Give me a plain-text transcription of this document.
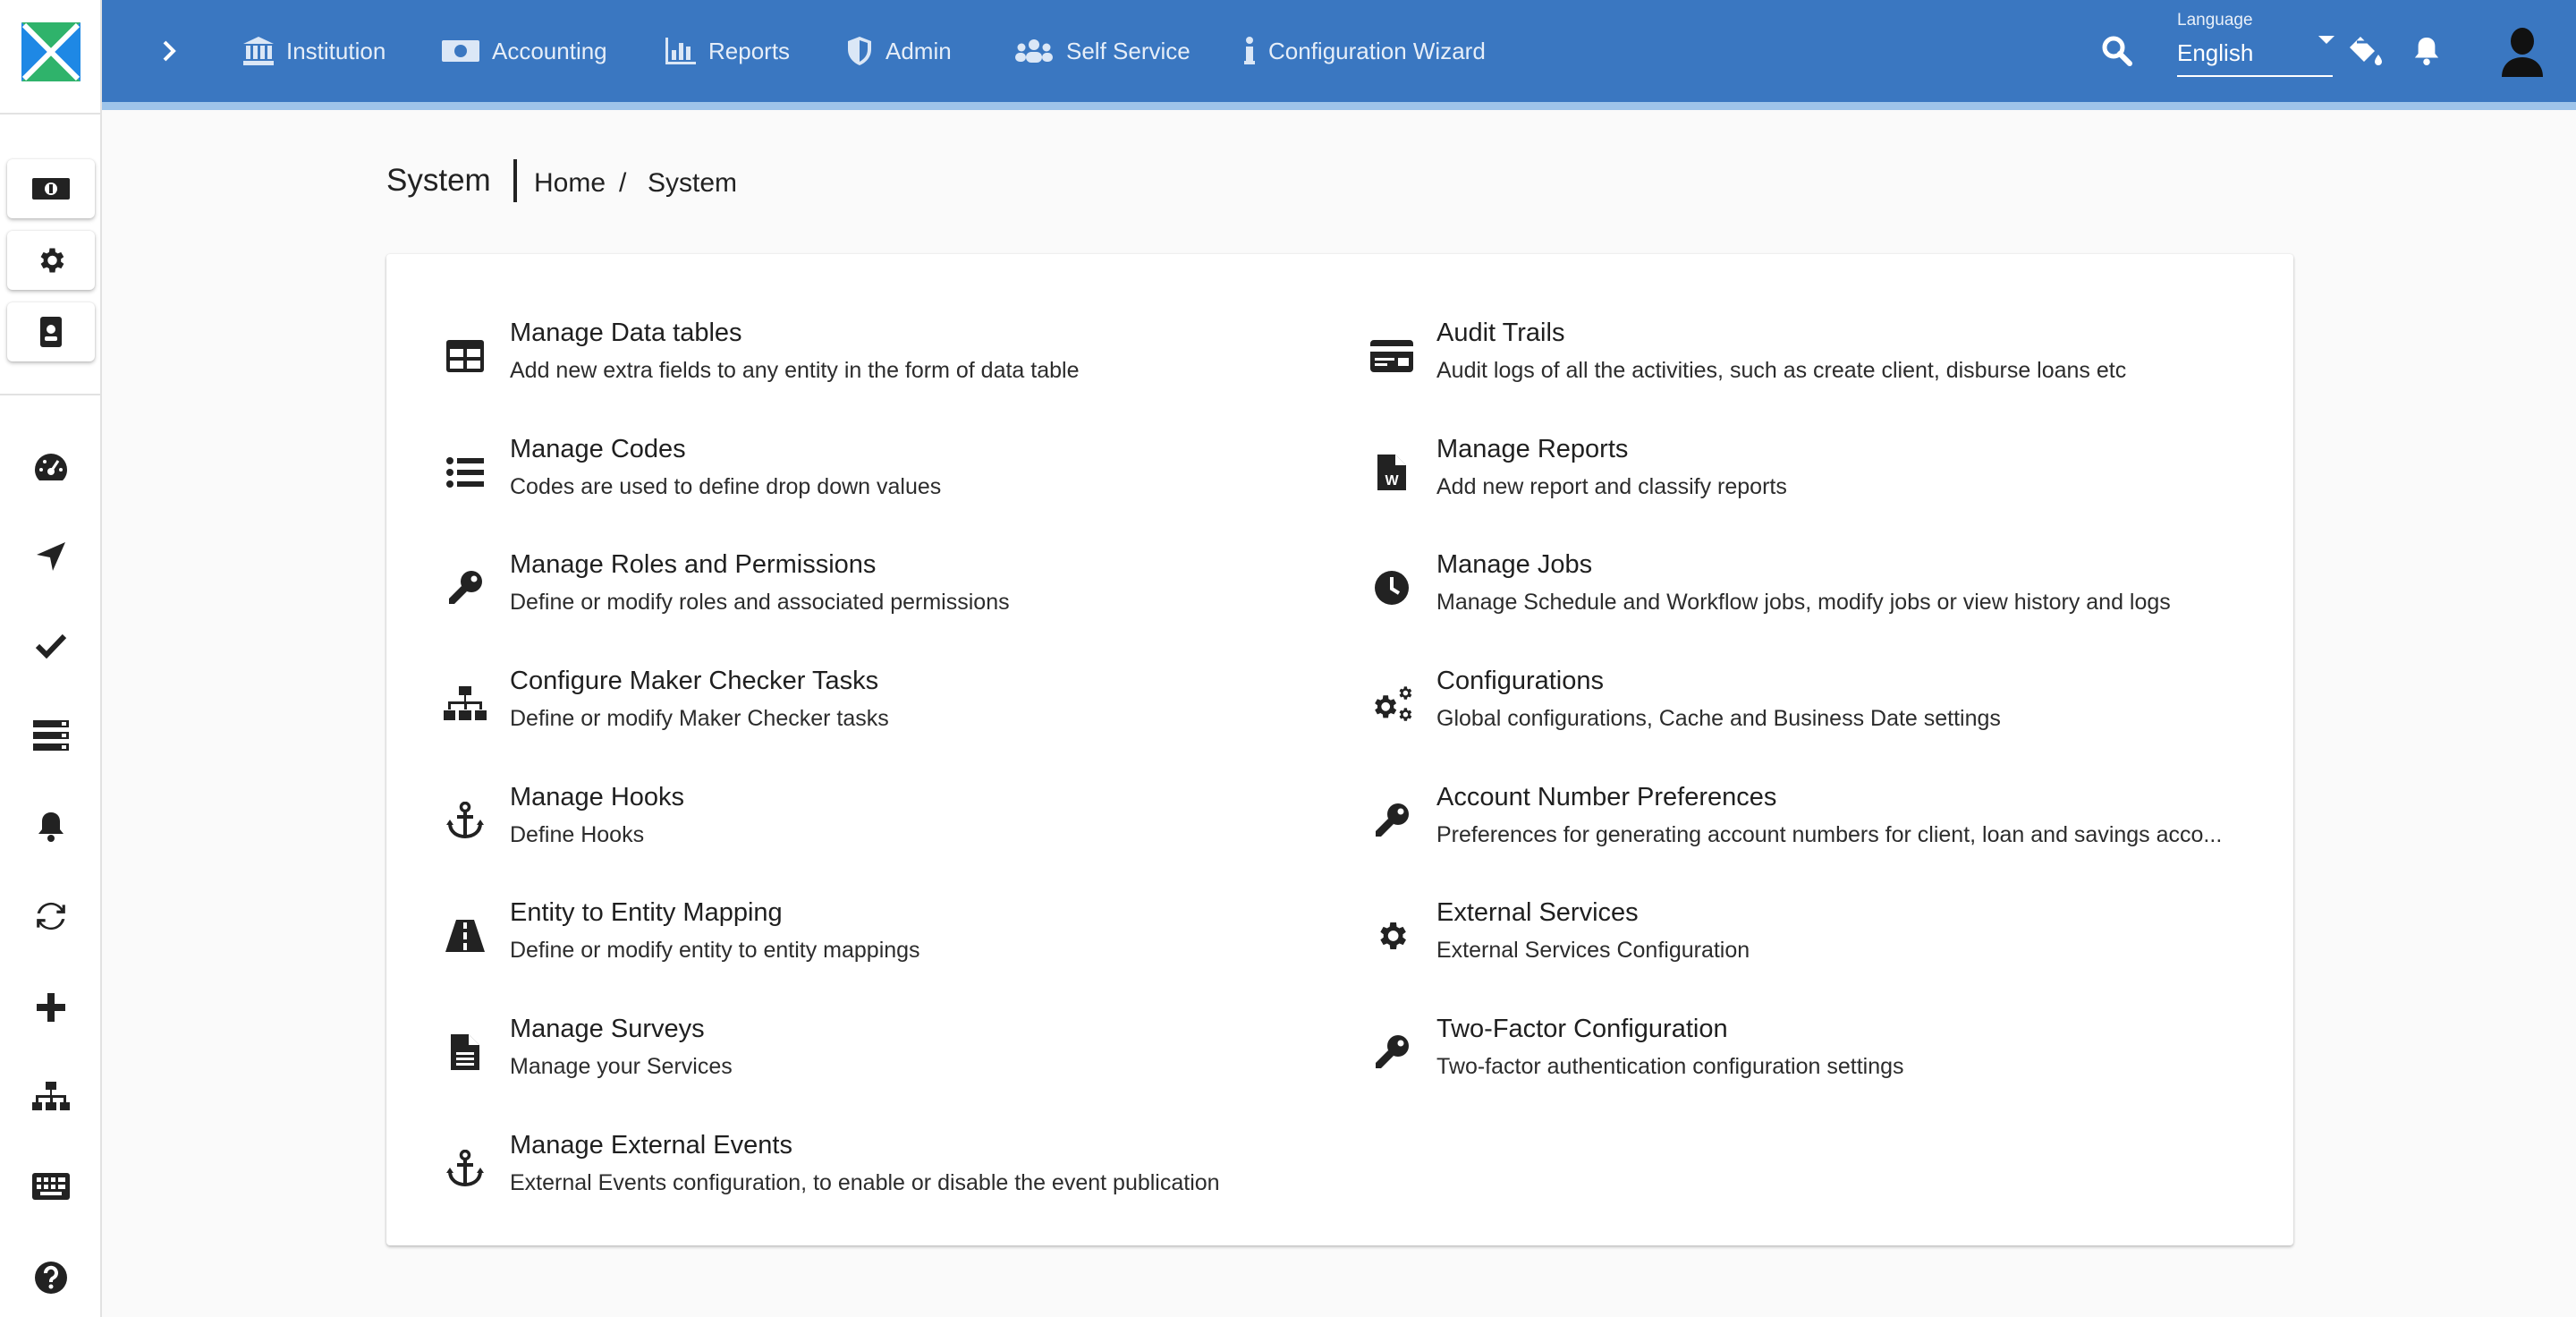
Institution	Accounting	Reports	Admin	Self Service	Configuration Wizard
Language
English
System Home / System
Manage Data tables
Add new extra fields to any entity in the form of data table
Manage Codes
Codes are used to define drop down values
Manage Roles and Permissions
Define or modify roles and associated permissions
Configure Maker Checker Tasks
Define or modify Maker Checker tasks
Manage Hooks
Define Hooks
Entity to Entity Mapping
Define or modify entity to entity mappings
Manage Surveys
Manage your Services
Manage External Events
External Events configuration, to enable or disable the event publication
Audit Trails
Audit logs of all the activities, such as create client, disburse loans etc
W
Manage Reports
Add new report and classify reports
Manage Jobs
Manage Schedule and Workflow jobs, modify jobs or view history and logs
Configurations
Global configurations, Cache and Business Date settings
Account Number Preferences
Preferences for generating account numbers for client, loan and savings acco...
External Services
External Services Configuration
Two-Factor Configuration
Two-factor authentication configuration settings
